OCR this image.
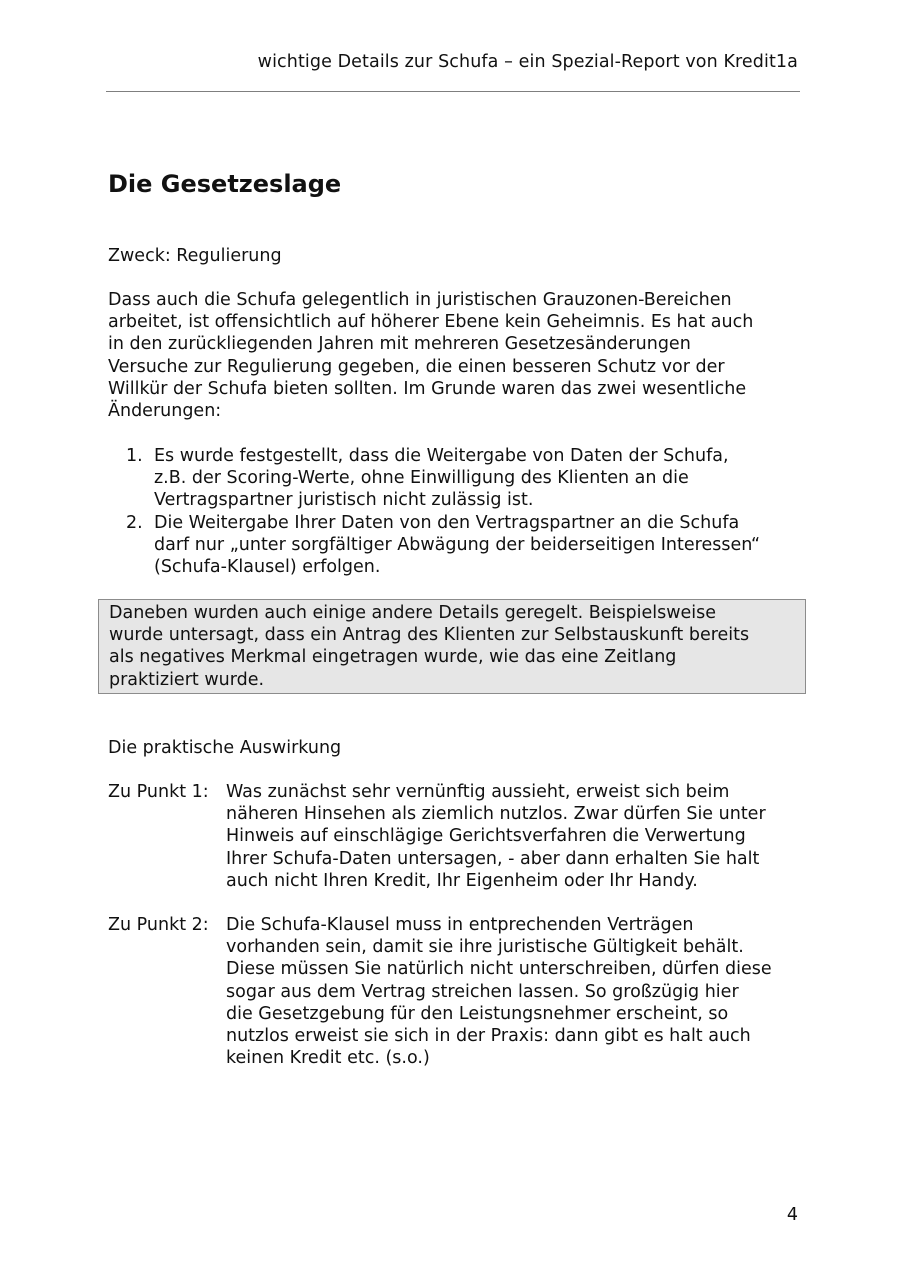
wichtige Details zur Schufa – ein Spezial-Report von Kredit1a
Die Gesetzeslage
Zweck: Regulierung

Dass auch die Schufa gelegentlich in juristischen Grauzonen-Bereichen
arbeitet, ist offensichtlich auf höherer Ebene kein Geheimnis. Es hat auch
in den zurückliegenden Jahren mit mehreren Gesetzesänderungen
Versuche zur Regulierung gegeben, die einen besseren Schutz vor der
Willkür der Schufa bieten sollten. Im Grunde waren das zwei wesentliche
Änderungen:

1. Es wurde festgestellt, dass die Weitergabe von Daten der Schufa,
z.B. der Scoring-Werte, ohne Einwilligung des Klienten an die
Vertragspartner juristisch nicht zulässig ist.
2. Die Weitergabe Ihrer Daten von den Vertragspartner an die Schufa
darf nur „unter sorgfältiger Abwägung der beiderseitigen Interessen“
(Schufa-Klausel) erfolgen.
Daneben wurden auch einige andere Details geregelt. Beispielsweise
wurde untersagt, dass ein Antrag des Klienten zur Selbstauskunft bereits
als negatives Merkmal eingetragen wurde, wie das eine Zeitlang
praktiziert wurde.
Die praktische Auswirkung
Zu Punkt 1: Was zunächst sehr vernünftig aussieht, erweist sich beim
näheren Hinsehen als ziemlich nutzlos. Zwar dürfen Sie unter
Hinweis auf einschlägige Gerichtsverfahren die Verwertung
Ihrer Schufa-Daten untersagen, - aber dann erhalten Sie halt
auch nicht Ihren Kredit, Ihr Eigenheim oder Ihr Handy.
Zu Punkt 2: Die Schufa-Klausel muss in entprechenden Verträgen
vorhanden sein, damit sie ihre juristische Gültigkeit behält.
Diese müssen Sie natürlich nicht unterschreiben, dürfen diese
sogar aus dem Vertrag streichen lassen. So großzügig hier
die Gesetzgebung für den Leistungsnehmer erscheint, so
nutzlos erweist sie sich in der Praxis: dann gibt es halt auch
keinen Kredit etc. (s.o.)
4
